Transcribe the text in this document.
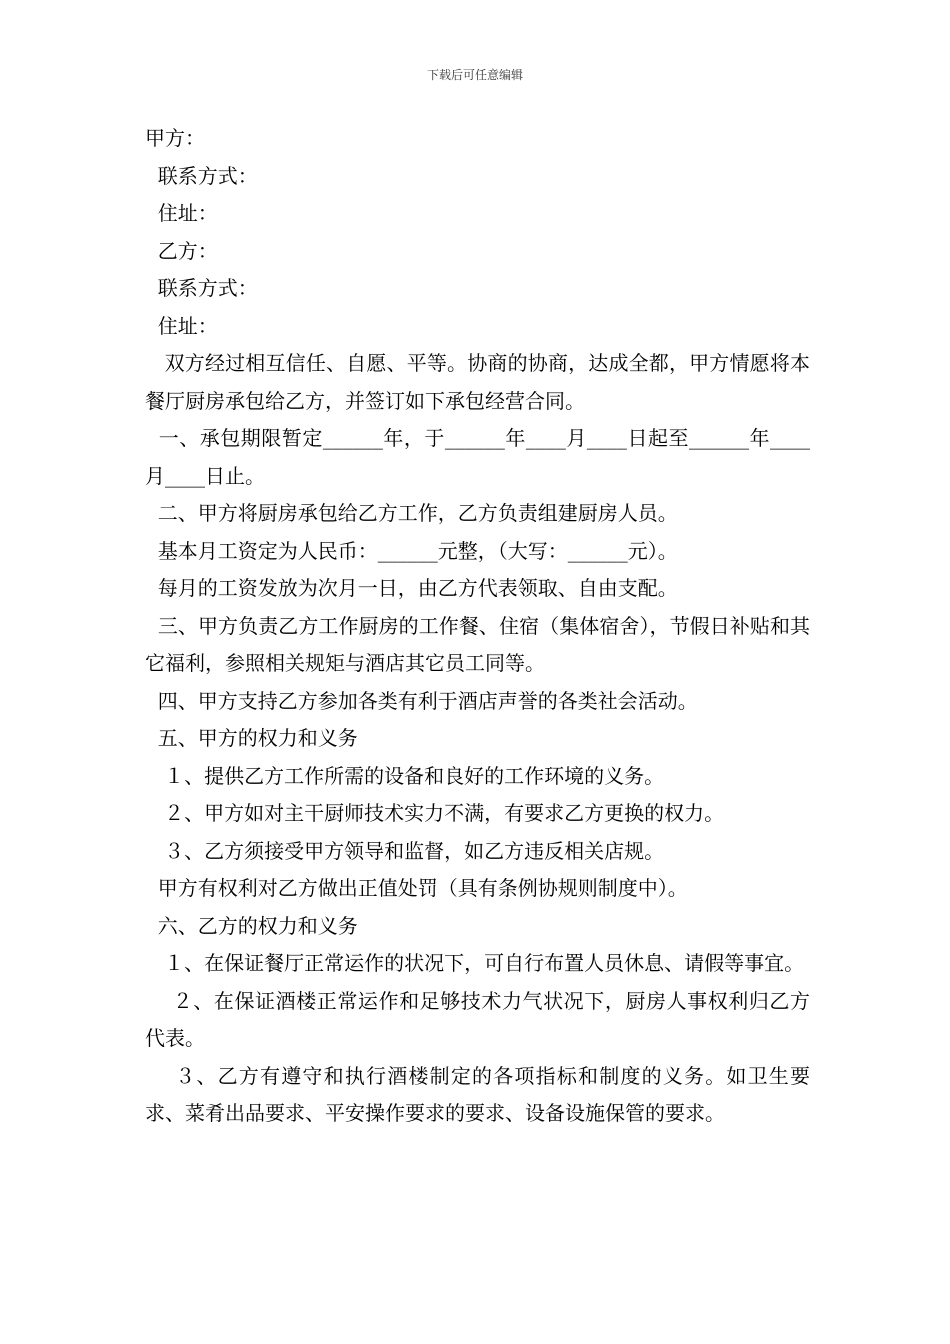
下载后可任意编辑
甲方：
联系方式：
住址：
乙方：
联系方式：
住址：
双方经过相互信任、自愿、平等。协商的协商，达成全都，甲方情愿将本餐厅厨房承包给乙方，并签订如下承包经营合同。
一、承包期限暂定______年，于______年____月____日起至______年____月____日止。
二、甲方将厨房承包给乙方工作，乙方负责组建厨房人员。
基本月工资定为人民币：______元整，（大写：______元）。
每月的工资发放为次月一日，由乙方代表领取、自由支配。
三、甲方负责乙方工作厨房的工作餐、住宿（集体宿舍），节假日补贴和其它福利，参照相关规矩与酒店其它员工同等。
四、甲方支持乙方参加各类有利于酒店声誉的各类社会活动。
五、甲方的权力和义务
１、提供乙方工作所需的设备和良好的工作环境的义务。
２、甲方如对主干厨师技术实力不满，有要求乙方更换的权力。
３、乙方须接受甲方领导和监督，如乙方违反相关店规。
甲方有权利对乙方做出正值处罚（具有条例协规则制度中）。
六、乙方的权力和义务
１、在保证餐厅正常运作的状况下，可自行布置人员休息、请假等事宜。
２、在保证酒楼正常运作和足够技术力气状况下，厨房人事权利归乙方代表。
３、乙方有遵守和执行酒楼制定的各项指标和制度的义务。如卫生要求、菜肴出品要求、平安操作要求的要求、设备设施保管的要求。
